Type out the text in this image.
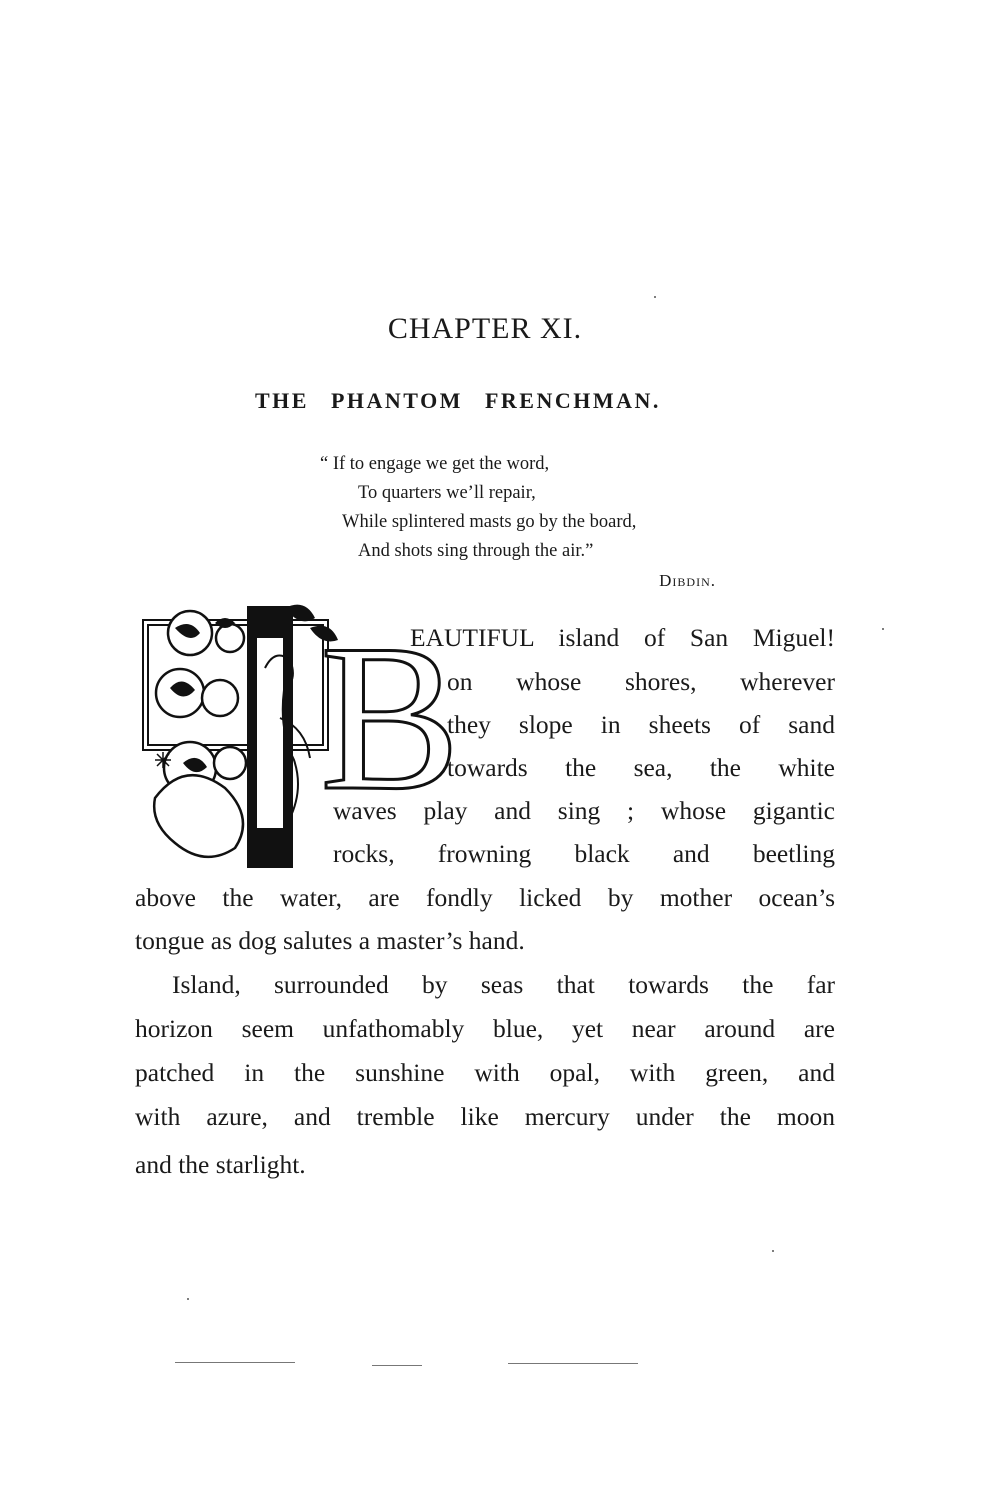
CHAPTER XI.
THE PHANTOM FRENCHMAN.
“ If to engage we get the word,
To quarters we’ll repair,
While splintered masts go by the board,
And shots sing through the air.”
Dibdin.
B
EAUTIFUL island of San Miguel!
on whose shores, wherever
they slope in sheets of sand
towards the sea, the white
waves play and sing ; whose gigantic
rocks, frowning black and beetling
above the water, are fondly licked by mother ocean’s
tongue as dog salutes a master’s hand.
Island, surrounded by seas that towards the far
horizon seem unfathomably blue, yet near around are
patched in the sunshine with opal, with green, and
with azure, and tremble like mercury under the moon
and the starlight.
